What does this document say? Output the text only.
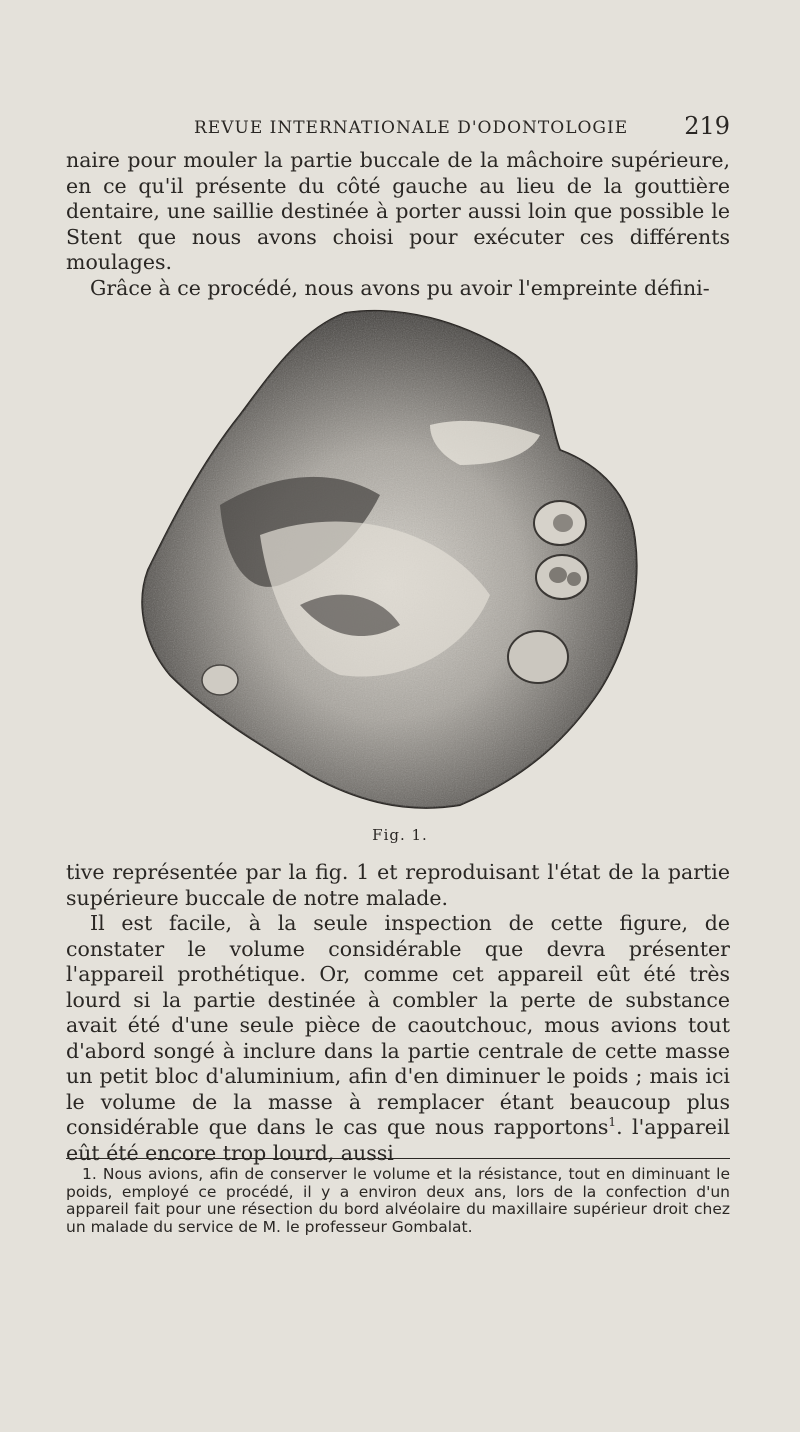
REVUE INTERNATIONALE D'ODONTOLOGIE 219

naire pour mouler la partie buccale de la mâchoire supérieure, en ce qu'il présente du côté gauche au lieu de la gouttière dentaire, une saillie destinée à porter aussi loin que possible le Stent que nous avons choisi pour exécuter ces différents moulages.

Grâce à ce procédé, nous avons pu avoir l'empreinte défini-

Fig. 1.

tive représentée par la fig. 1 et reproduisant l'état de la partie supérieure buccale de notre malade.

Il est facile, à la seule inspection de cette figure, de constater le volume considérable que devra présenter l'appareil prothétique. Or, comme cet appareil eût été très lourd si la partie destinée à combler la perte de substance avait été d'une seule pièce de caoutchouc, mous avions tout d'abord songé à inclure dans la partie centrale de cette masse un petit bloc d'aluminium, afin d'en diminuer le poids ; mais ici le volume de la masse à remplacer étant beaucoup plus considérable que dans le cas que nous rapportons$^1$. l'appareil eût été encore trop lourd, aussi

1. Nous avions, afin de conserver le volume et la résistance, tout en diminuant le poids, employé ce procédé, il y a environ deux ans, lors de la confection d'un appareil fait pour une résection du bord alvéolaire du maxillaire supérieur droit chez un malade du service de M. le professeur Gombalat.
